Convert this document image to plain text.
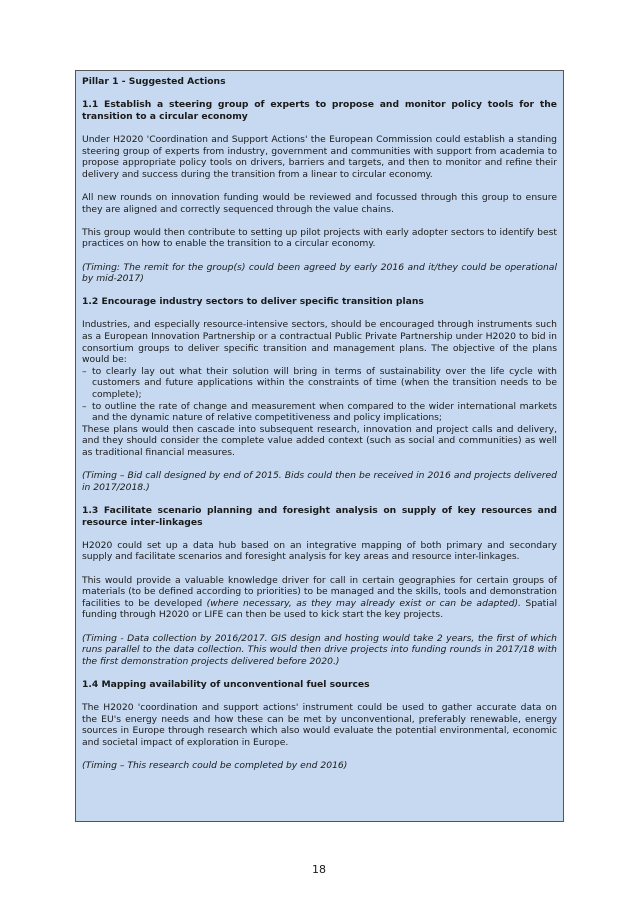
Pillar 1 - Suggested Actions

1.1 Establish a steering group of experts to propose and monitor policy tools for the transition to a circular economy

Under H2020 'Coordination and Support Actions' the European Commission could establish a standing steering group of experts from industry, government and communities with support from academia to propose appropriate policy tools on drivers, barriers and targets, and then to monitor and refine their delivery and success during the transition from a linear to circular economy.

All new rounds on innovation funding would be reviewed and focussed through this group to ensure they are aligned and correctly sequenced through the value chains.

This group would then contribute to setting up pilot projects with early adopter sectors to identify best practices on how to enable the transition to a circular economy.

(Timing: The remit for the group(s) could been agreed by early 2016 and it/they could be operational by mid-2017)

1.2 Encourage industry sectors to deliver specific transition plans

Industries, and especially resource-intensive sectors, should be encouraged through instruments such as a European Innovation Partnership or a contractual Public Private Partnership under H2020 to bid in consortium groups to deliver specific transition and management plans. The objective of the plans would be:

– to clearly lay out what their solution will bring in terms of sustainability over the life cycle with customers and future applications within the constraints of time (when the transition needs to be complete);
– to outline the rate of change and measurement when compared to the wider international markets and the dynamic nature of relative competitiveness and policy implications;

These plans would then cascade into subsequent research, innovation and project calls and delivery, and they should consider the complete value added context (such as social and communities) as well as traditional financial measures.

(Timing – Bid call designed by end of 2015. Bids could then be received in 2016 and projects delivered in 2017/2018.)

1.3 Facilitate scenario planning and foresight analysis on supply of key resources and resource inter-linkages

H2020 could set up a data hub based on an integrative mapping of both primary and secondary supply and facilitate scenarios and foresight analysis for key areas and resource inter-linkages.

This would provide a valuable knowledge driver for call in certain geographies for certain groups of materials (to be defined according to priorities) to be managed and the skills, tools and demonstration facilities to be developed (where necessary, as they may already exist or can be adapted). Spatial funding through H2020 or LIFE can then be used to kick start the key projects.

(Timing - Data collection by 2016/2017. GIS design and hosting would take 2 years, the first of which runs parallel to the data collection. This would then drive projects into funding rounds in 2017/18 with the first demonstration projects delivered before 2020.)

1.4 Mapping availability of unconventional fuel sources

The H2020 'coordination and support actions' instrument could be used to gather accurate data on the EU's energy needs and how these can be met by unconventional, preferably renewable, energy sources in Europe through research which also would evaluate the potential environmental, economic and societal impact of exploration in Europe.

(Timing – This research could be completed by end 2016)

18
